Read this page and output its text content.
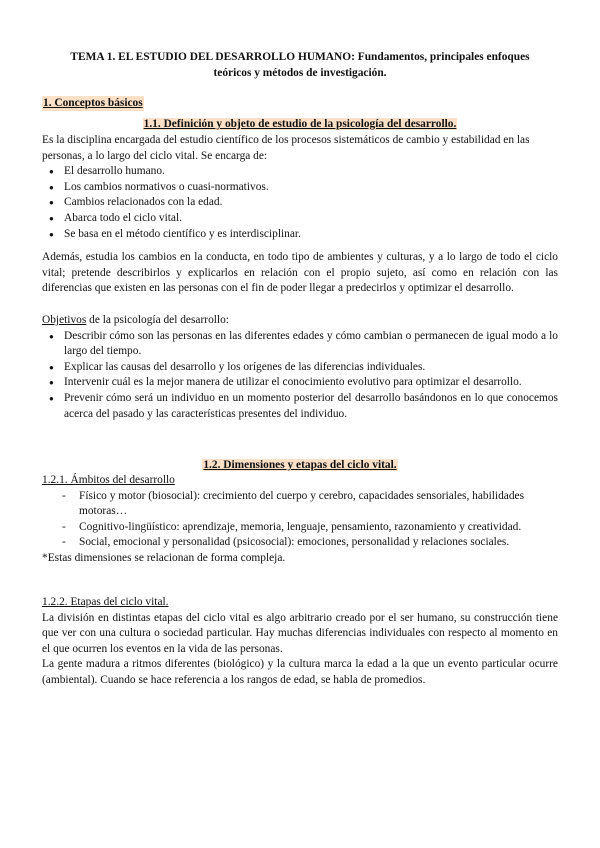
TEMA 1. EL ESTUDIO DEL DESARROLLO HUMANO: Fundamentos, principales enfoques
teóricos y métodos de investigación.
1. Conceptos básicos
1.1. Definición y objeto de estudio de la psicología del desarrollo.
Es la disciplina encargada del estudio científico de los procesos sistemáticos de cambio y estabilidad en las personas, a lo largo del ciclo vital. Se encarga de:
● El desarrollo humano.
● Los cambios normativos o cuasi-normativos.
● Cambios relacionados con la edad.
● Abarca todo el ciclo vital.
● Se basa en el método científico y es interdisciplinar.
Además, estudia los cambios en la conducta, en todo tipo de ambientes y culturas, y a lo largo de todo el ciclo vital; pretende describirlos y explicarlos en relación con el propio sujeto, así como en relación con las diferencias que existen en las personas con el fin de poder llegar a predecirlos y optimizar el desarrollo.
Objetivos de la psicología del desarrollo:
● Describir cómo son las personas en las diferentes edades y cómo cambian o permanecen de igual modo a lo largo del tiempo.
● Explicar las causas del desarrollo y los orígenes de las diferencias individuales.
● Intervenir cuál es la mejor manera de utilizar el conocimiento evolutivo para optimizar el desarrollo.
● Prevenir cómo será un individuo en un momento posterior del desarrollo basándonos en lo que conocemos acerca del pasado y las características presentes del individuo.
1.2. Dimensiones y etapas del ciclo vital.
1.2.1. Ámbitos del desarrollo
- Físico y motor (biosocial): crecimiento del cuerpo y cerebro, capacidades sensoriales, habilidades motoras…
- Cognitivo-lingüístico: aprendizaje, memoria, lenguaje, pensamiento, razonamiento y creatividad.
- Social, emocional y personalidad (psicosocial): emociones, personalidad y relaciones sociales.
*Estas dimensiones se relacionan de forma compleja.
1.2.2. Etapas del ciclo vital.
La división en distintas etapas del ciclo vital es algo arbitrario creado por el ser humano, su construcción tiene que ver con una cultura o sociedad particular. Hay muchas diferencias individuales con respecto al momento en el que ocurren los eventos en la vida de las personas.
La gente madura a ritmos diferentes (biológico) y la cultura marca la edad a la que un evento particular ocurre (ambiental). Cuando se hace referencia a los rangos de edad, se habla de promedios.
